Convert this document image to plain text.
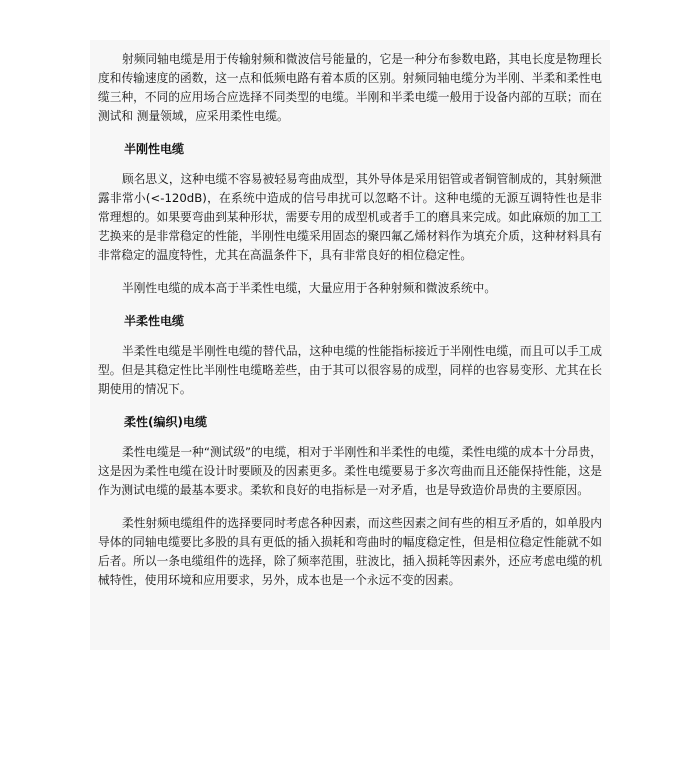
射频同轴电缆是用于传输射频和微波信号能量的，它是一种分布参数电路，其电长度是物理长度和传输速度的函数，这一点和低频电路有着本质的区别。射频同轴电缆分为半刚、半柔和柔性电缆三种，不同的应用场合应选择不同类型的电缆。半刚和半柔电缆一般用于设备内部的互联；而在测试和 测量领域，应采用柔性电缆。

半刚性电缆

顾名思义，这种电缆不容易被轻易弯曲成型，其外导体是采用铝管或者铜管制成的，其射频泄露非常小(<-120dB)，在系统中造成的信号串扰可以忽略不计。这种电缆的无源互调特性也是非常理想的。如果要弯曲到某种形状，需要专用的成型机或者手工的磨具来完成。如此麻烦的加工工艺换来的是非常稳定的性能，半刚性电缆采用固态的聚四氟乙烯材料作为填充介质，这种材料具有非常稳定的温度特性，尤其在高温条件下，具有非常良好的相位稳定性。

半刚性电缆的成本高于半柔性电缆，大量应用于各种射频和微波系统中。

半柔性电缆

半柔性电缆是半刚性电缆的替代品，这种电缆的性能指标接近于半刚性电缆，而且可以手工成型。但是其稳定性比半刚性电缆略差些，由于其可以很容易的成型，同样的也容易变形、尤其在长期使用的情况下。

柔性(编织)电缆

柔性电缆是一种“测试级”的电缆，相对于半刚性和半柔性的电缆，柔性电缆的成本十分昂贵，这是因为柔性电缆在设计时要顾及的因素更多。柔性电缆要易于多次弯曲而且还能保持性能，这是作为测试电缆的最基本要求。柔软和良好的电指标是一对矛盾，也是导致造价昂贵的主要原因。

柔性射频电缆组件的选择要同时考虑各种因素，而这些因素之间有些的相互矛盾的，如单股内导体的同轴电缆要比多股的具有更低的插入损耗和弯曲时的幅度稳定性，但是相位稳定性能就不如后者。所以一条电缆组件的选择，除了频率范围，驻波比，插入损耗等因素外，还应考虑电缆的机械特性，使用环境和应用要求，另外，成本也是一个永远不变的因素。
